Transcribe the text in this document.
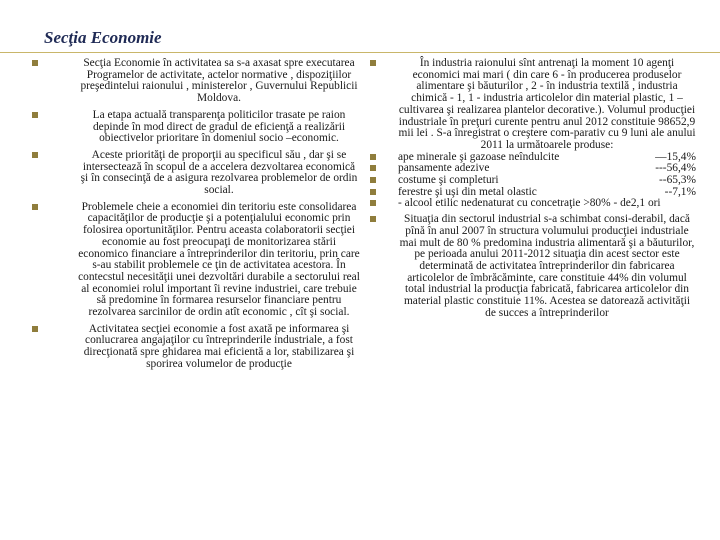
Secţia Economie
Secţia Economie în activitatea sa s-a axasat spre executarea Programelor de activitate, actelor normative , dispoziţiilor preşedintelui raionului , ministerelor , Guvernului Republicii Moldova.
La etapa actuală transparenţa politicilor trasate pe raion depinde în mod direct de gradul de eficienţă a realizării obiectivelor prioritare în domeniul socio –economic.
Aceste priorităţi de proporţii au specificul său , dar şi se intersectează în scopul de a accelera dezvoltarea economică şi în consecinţă de a asigura rezolvarea problemelor de ordin social.
Problemele cheie a economiei din teritoriu este consolidarea capacităţilor de producţie şi a potenţialului economic prin folosirea oportunităţilor. Pentru aceasta colaboratorii secţiei economie au fost preocupaţi de monitorizarea stării economico financiare a întreprinderilor din teritoriu, prin care s-au stabilit problemele ce ţin de activitatea acestora. În contecstul necesităţii unei dezvoltări durabile a sectorului real al economiei rolul important îi revine industriei, care trebuie să predomine în formarea resurselor financiare pentru rezolvarea sarcinilor de ordin atît economic , cît şi social.
Activitatea secţiei economie a fost axată pe informarea şi conlucrarea angajaţilor cu întreprinderile industriale, a fost direcţionată spre ghidarea mai eficientă a lor, stabilizarea şi sporirea volumelor de producţie
În industria raionului sînt antrenaţi la moment 10 agenţi economici mai mari ( din care 6 - în producerea produselor alimentare şi băuturilor , 2 - în industria textilă , industria chimică - 1, 1 - industria articolelor din material plastic, 1 – cultivarea şi realizarea plantelor decorative.). Volumul producţiei industriale în preţuri curente pentru anul 2012 constituie 98652,9 mii lei . S-a înregistrat o creştere com-parativ cu 9 luni ale anului 2011 la următoarele produse:
ape minerale şi gazoase neîndulcite	—15,4%
pansamente adezive	---56,4%
costume şi completuri	--65,3%
ferestre şi uşi din metal olastic	--7,1%
- alcool etilic nedenaturat cu concetraţie >80% - de2,1 ori
Situaţia din sectorul industrial s-a schimbat consi-derabil, dacă pînă în anul 2007 în structura volumului producţiei industriale mai mult de 80 % predomina industria alimentară şi a băuturilor, pe perioada anului 2011-2012 situaţia din acest sector este determinată de activitatea întreprinderilor din fabricarea articolelor de îmbrăcăminte, care constituie 44% din volumul total industrial la producţia fabricată, fabricarea articolelor din material plastic constituie 11%. Acestea se datorează activităţii de succes a întreprinderilor
